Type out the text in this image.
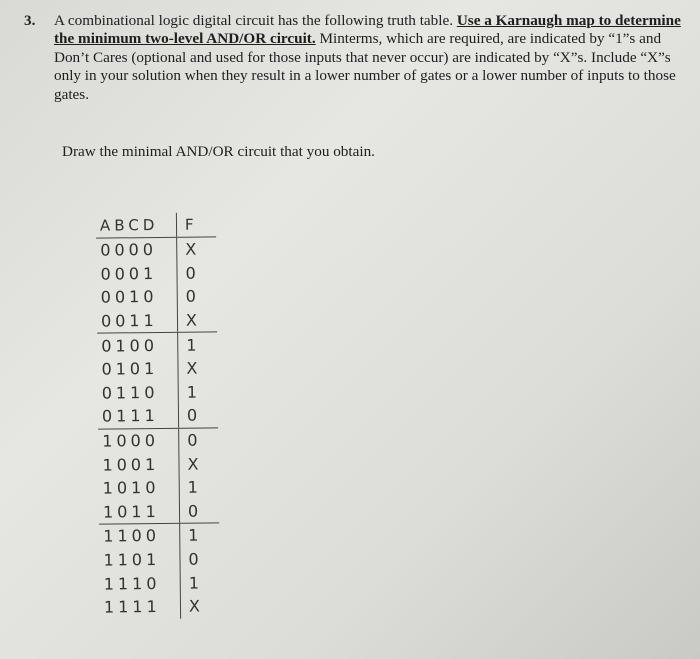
3. A combinational logic digital circuit has the following truth table. Use a Karnaugh map to determine the minimum two-level AND/OR circuit. Minterms, which are required, are indicated by “1”s and Don’t Cares (optional and used for those inputs that never occur) are indicated by “X”s. Include “X”s only in your solution when they result in a lower number of gates or a lower number of inputs to those gates.
Draw the minimal AND/OR circuit that you obtain.
ABCD	F
0000	X
0001	0
0010	0
0011	X
0100	1
0101	X
0110	1
0111	0
1000	0
1001	X
1010	1
1011	0
1100	1
1101	0
1110	1
1111	X
